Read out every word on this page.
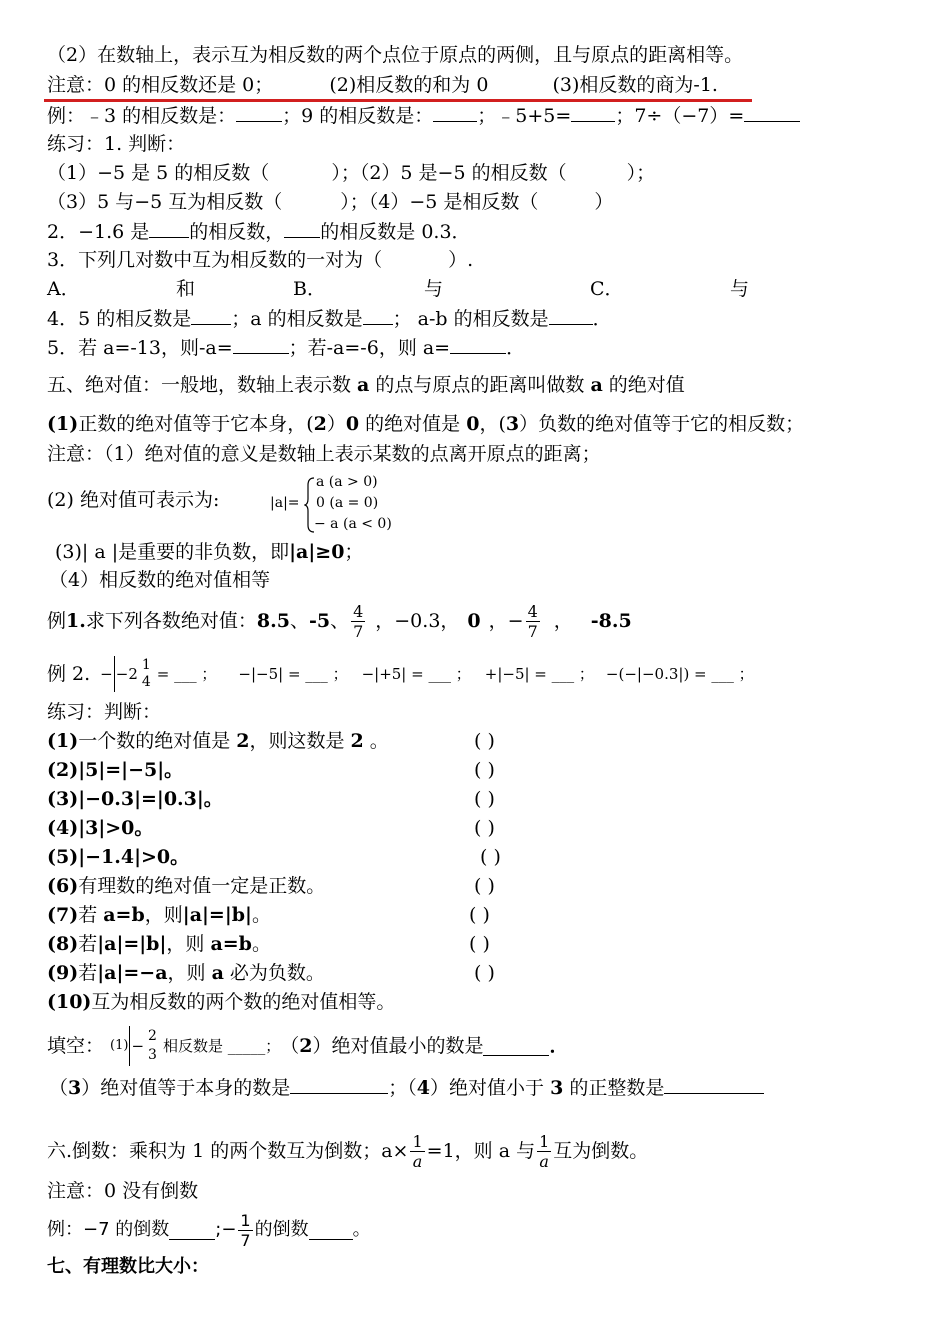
（2）在数轴上，表示互为相反数的两个点位于原点的两侧，且与原点的距离相等。
注意：0 的相反数还是 0；	(2)相反数的和为 0	(3)相反数的商为-1.
例：﹣3 的相反数是： ；9 的相反数是： ；﹣5+5= ；7÷（−7）=
练习：1. 判断：
（1）−5 是 5 的相反数（	）；（2）5 是−5 的相反数（	）；
（3）5 与−5 互为相反数（	）；（4）−5 是相反数（	）
2．−1.6 是 的相反数， 的相反数是 0.3．
3．下列几对数中互为相反数的一对为（	）.
A．	和	B．	与	C．	与
4．5 的相反数是 ；a 的相反数是 ； a-b 的相反数是 ．
5．若 a=-13，则-a=	；若-a=-6，则 a=	．
五、绝对值：一般地，数轴上表示数 a 的点与原点的距离叫做数 a 的绝对值
(1)正数的绝对值等于它本身，(2）0 的绝对值是 0，(3）负数的绝对值等于它的相反数；
注意：（1）绝对值的意义是数轴上表示某数的点离开原点的距离；
(2) 绝对值可表示为:	|a|=
a (a > 0)
0 (a = 0)
− a (a < 0)
(3)| a |是重要的非负数，即|a|≥0；
（4）相反数的绝对值相等
例 1. 求下列各数绝对值： 8.5 、 -5 、 $\frac{4}{7}$ ，−0.3， 0 ，− $\frac{4}{7}$ ， -8.5
例 2. − −2 1
4 = ___ ； −|−5| = ___ ； −|+5| = ___ ； +|−5| = ___ ； −(−|−0.3|) = ___ ；
练习：判断：
(1)一个数的绝对值是 2，则这数是 2 。	( )
(2)|5|=|−5|。	( )
(3)|−0.3|=|0.3|。	( )
(4)|3|>0。	( )
(5)|−1.4|>0。	( )
(6)有理数的绝对值一定是正数。	( )
(7)若 a=b，则|a|=|b|。	( )
(8)若|a|=|b|，则 a=b。	( )
(9)若|a|=−a，则 a 必为负数。	( )
(10)互为相反数的两个数的绝对值相等。
填空： (1) −
2
3 相反数是 _____； （ 2 ）绝对值最小的数是	．
（3）绝对值等于本身的数是	；（4）绝对值小于 3 的正整数是
六.倒数：乘积为 1 的两个数互为倒数；$a\times \frac{1}{a} =1$，则 a 与 $\frac{1}{a}$ 互为倒数。
注意：0 没有倒数
例：−7 的倒数	;− $\frac{1}{7}$ 的倒数 。
七、有理数比大小：
